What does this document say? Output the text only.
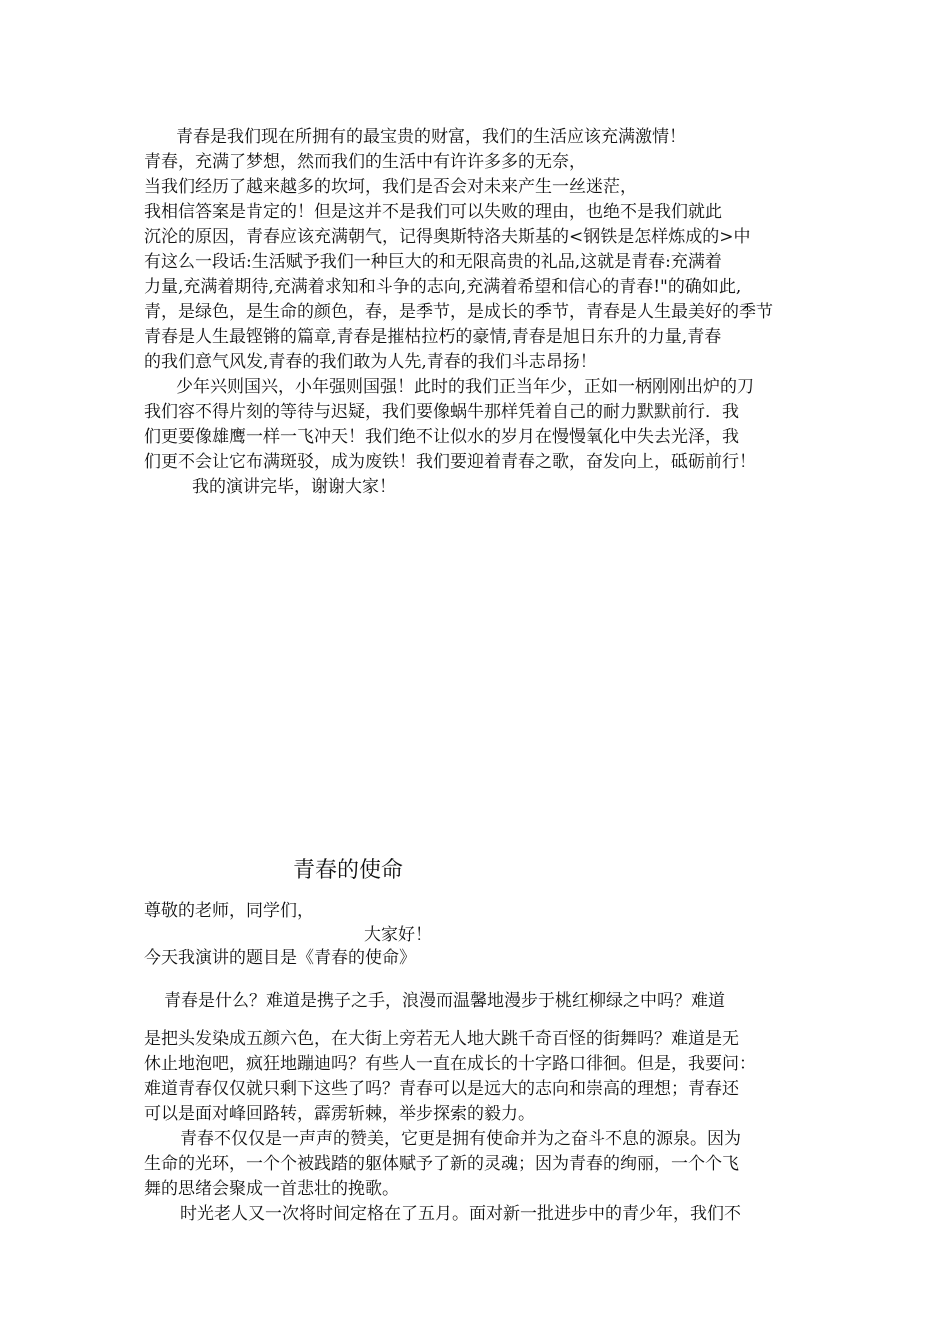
青春是我们现在所拥有的最宝贵的财富，我们的生活应该充满激情！
青春，充满了梦想，然而我们的生活中有许许多多的无奈，
当我们经历了越来越多的坎坷，我们是否会对未来产生一丝迷茫，
我相信答案是肯定的！但是这并不是我们可以失败的理由，也绝不是我们就此
沉沦的原因，青春应该充满朝气，记得奥斯特洛夫斯基的<钢铁是怎样炼成的>中
有这么一段话:生活赋予我们一种巨大的和无限高贵的礼品,这就是青春:充满着
力量,充满着期待,充满着求知和斗争的志向,充满着希望和信心的青春!"的确如此,
青，是绿色，是生命的颜色，春，是季节，是成长的季节，青春是人生最美好的季节
青春是人生最铿锵的篇章,青春是摧枯拉朽的豪情,青春是旭日东升的力量,青春
的我们意气风发,青春的我们敢为人先,青春的我们斗志昂扬！
少年兴则国兴，小年强则国强！此时的我们正当年少，正如一柄刚刚出炉的刀
我们容不得片刻的等待与迟疑，我们要像蜗牛那样凭着自己的耐力默默前行．我
们更要像雄鹰一样一飞冲天！我们绝不让似水的岁月在慢慢氧化中失去光泽，我
们更不会让它布满斑驳，成为废铁！我们要迎着青春之歌，奋发向上，砥砺前行！
我的演讲完毕，谢谢大家！
青春的使命
尊敬的老师，同学们，
大家好！
今天我演讲的题目是《青春的使命》
青春是什么？难道是携子之手，浪漫而温馨地漫步于桃红柳绿之中吗？难道
是把头发染成五颜六色，在大街上旁若无人地大跳千奇百怪的街舞吗？难道是无
休止地泡吧，疯狂地蹦迪吗？有些人一直在成长的十字路口徘徊。但是，我要问：
难道青春仅仅就只剩下这些了吗？青春可以是远大的志向和崇高的理想；青春还
可以是面对峰回路转，霹雳斩棘，举步探索的毅力。
青春不仅仅是一声声的赞美，它更是拥有使命并为之奋斗不息的源泉。因为
生命的光环，一个个被践踏的躯体赋予了新的灵魂；因为青春的绚丽，一个个飞
舞的思绪会聚成一首悲壮的挽歌。
时光老人又一次将时间定格在了五月。面对新一批进步中的青少年，我们不
